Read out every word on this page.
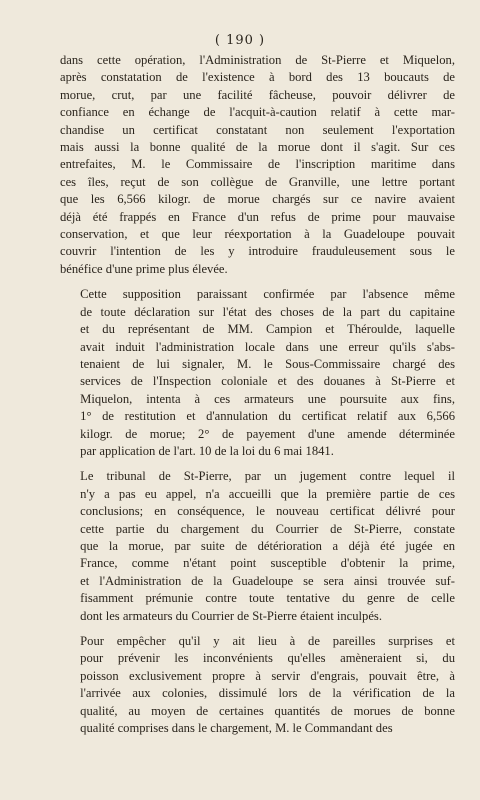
( 190 )
dans cette opération, l'Administration de St-Pierre et Miquelon,
après constatation de l'existence à bord des 13 boucauts de
morue, crut, par une facilité fâcheuse, pouvoir délivrer de
confiance en échange de l'acquit-à-caution relatif à cette mar-
chandise un certificat constatant non seulement l'exportation
mais aussi la bonne qualité de la morue dont il s'agit. Sur ces
entrefaites, M. le Commissaire de l'inscription maritime dans
ces îles, reçut de son collègue de Granville, une lettre portant
que les 6,566 kilogr. de morue chargés sur ce navire avaient
déjà été frappés en France d'un refus de prime pour mauvaise
conservation, et que leur réexportation à la Guadeloupe pouvait
couvrir l'intention de les y introduire frauduleusement sous le
bénéfice d'une prime plus élevée.
Cette supposition paraissant confirmée par l'absence même
de toute déclaration sur l'état des choses de la part du capitaine
et du représentant de MM. Campion et Théroulde, laquelle
avait induit l'administration locale dans une erreur qu'ils s'abs-
tenaient de lui signaler, M. le Sous-Commissaire chargé des
services de l'Inspection coloniale et des douanes à St-Pierre et
Miquelon, intenta à ces armateurs une poursuite aux fins,
1° de restitution et d'annulation du certificat relatif aux 6,566
kilogr. de morue; 2° de payement d'une amende déterminée
par application de l'art. 10 de la loi du 6 mai 1841.
Le tribunal de St-Pierre, par un jugement contre lequel il
n'y a pas eu appel, n'a accueilli que la première partie de ces
conclusions; en conséquence, le nouveau certificat délivré pour
cette partie du chargement du Courrier de St-Pierre, constate
que la morue, par suite de détérioration a déjà été jugée en
France, comme n'étant point susceptible d'obtenir la prime,
et l'Administration de la Guadeloupe se sera ainsi trouvée suf-
fisamment prémunie contre toute tentative du genre de celle
dont les armateurs du Courrier de St-Pierre étaient inculpés.
Pour empêcher qu'il y ait lieu à de pareilles surprises et
pour prévenir les inconvénients qu'elles amèneraient si, du
poisson exclusivement propre à servir d'engrais, pouvait être, à
l'arrivée aux colonies, dissimulé lors de la vérification de la
qualité, au moyen de certaines quantités de morues de bonne
qualité comprises dans le chargement, M. le Commandant des
